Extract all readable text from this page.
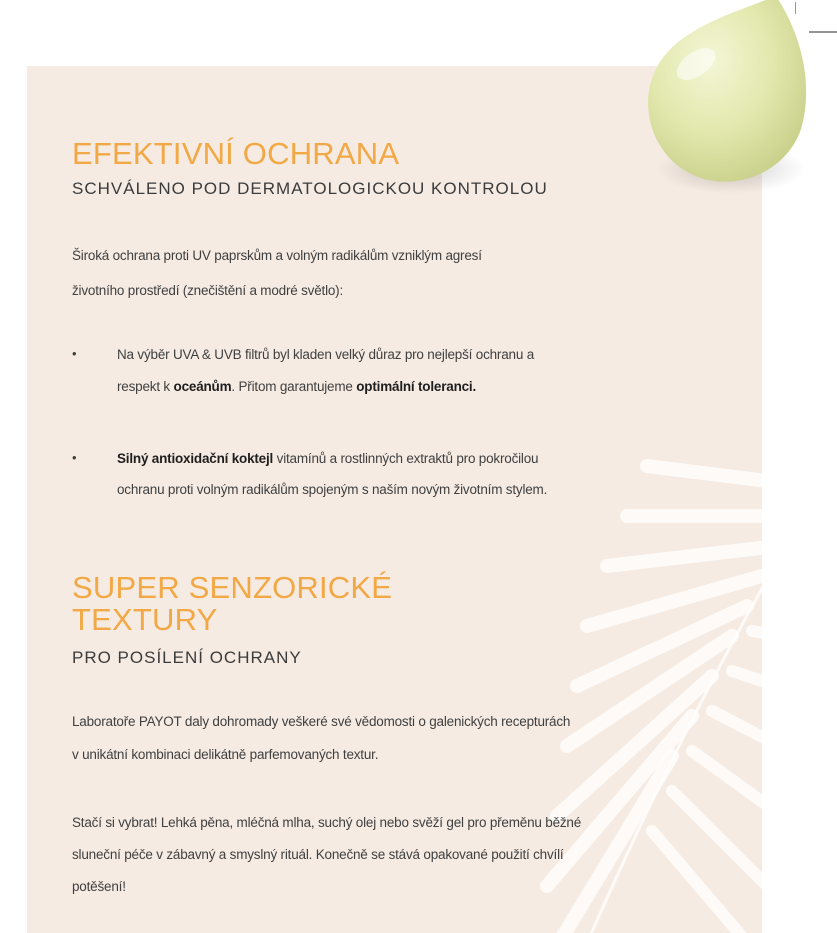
EFEKTIVNÍ OCHRANA

SCHVÁLENO POD DERMATOLOGICKOU KONTROLOU

Široká ochrana proti UV paprskům a volným radikálům vzniklým agresí

životního prostředí (znečištění a modré světlo):

•	Na výběr UVA & UVB filtrů byl kladen velký důraz pro nejlepší ochranu a

respekt k oceánům. Přitom garantujeme optimální toleranci.

•	Silný antioxidační koktejl vitamínů a rostlinných extraktů pro pokročilou

ochranu proti volným radikálům spojeným s naším novým životním stylem.

SUPER SENZORICKÉ
TEXTURY

PRO POSÍLENÍ OCHRANY

Laboratoře PAYOT daly dohromady veškeré své vědomosti o galenických recepturách

v unikátní kombinaci delikátně parfemovaných textur.

Stačí si vybrat! Lehká pěna, mléčná mlha, suchý olej nebo svěží gel pro přeměnu běžné

sluneční péče v zábavný a smyslný rituál. Konečně se stává opakované použití chvílí

potěšení!
